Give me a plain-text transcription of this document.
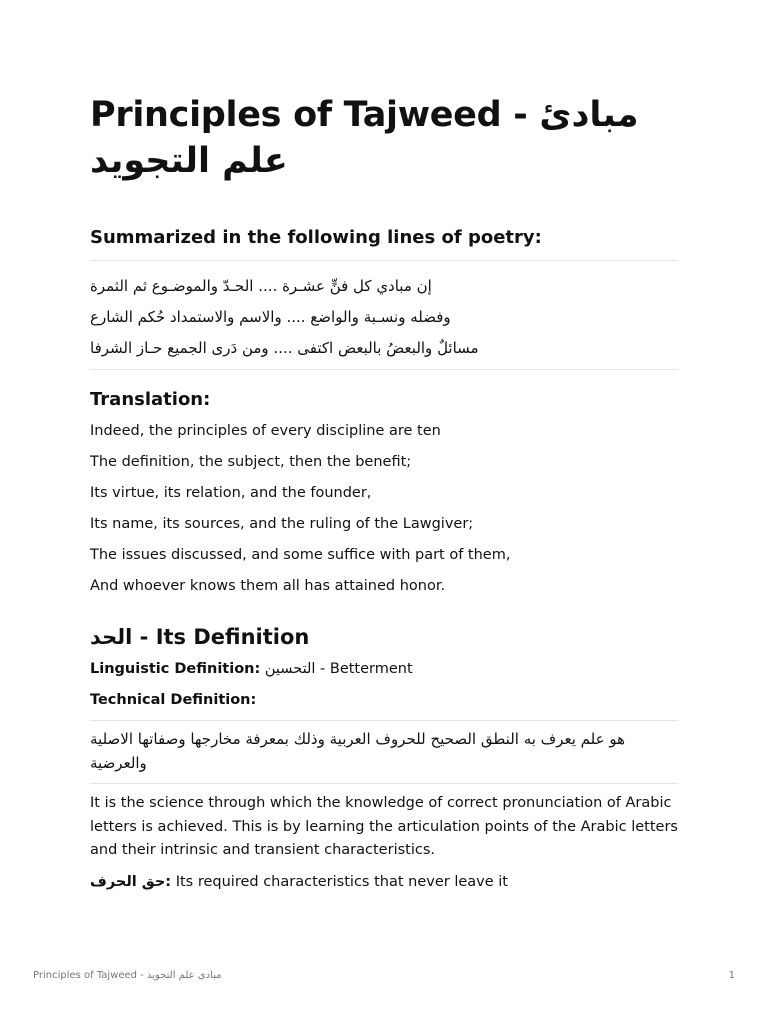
Principles of Tajweed - مبادئ علم التجويد
Summarized in the following lines of poetry:

إن مبادي كل فنٍّ عشـرة .... الحـدّ والموضـوع ثم الثمرة

وفضله ونسـبة والواضع .... والاسم والاستمداد حُكم الشارع

مسائلٌ والبعضُ بالبعض اكتفى .... ومن دَرى الجميع حـاز الشرفا

Translation:

Indeed, the principles of every discipline are ten

The definition, the subject, then the benefit;

Its virtue, its relation, and the founder,

Its name, its sources, and the ruling of the Lawgiver;

The issues discussed, and some suffice with part of them,

And whoever knows them all has attained honor.

الحد - Its Definition

Linguistic Definition: التحسين - Betterment

Technical Definition:

هو علم يعرف به النطق الصحيح للحروف العربية وذلك بمعرفة مخارجها وصفاتها الاصلية والعرضية

It is the science through which the knowledge of correct pronunciation of Arabic letters is achieved. This is by learning the articulation points of the Arabic letters and their intrinsic and transient characteristics.

حق الحرف: Its required characteristics that never leave it

Principles of Tajweed - مبادى علم التجويد	1
